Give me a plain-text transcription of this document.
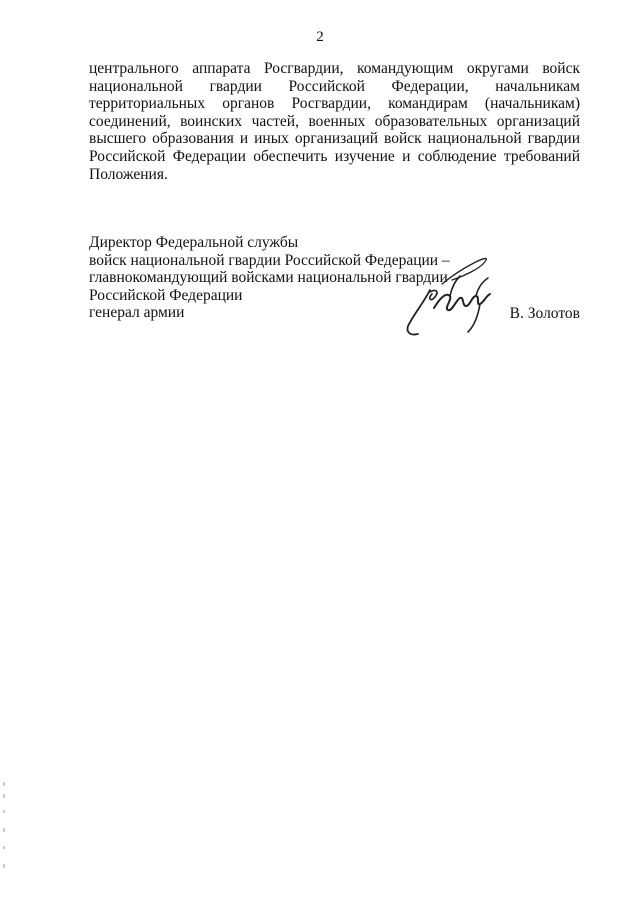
2
центрального аппарата Росгвардии, командующим округами войск
национальной гвардии Российской Федерации, начальникам
территориальных органов Росгвардии, командирам (начальникам)
соединений, воинских частей, военных образовательных организаций
высшего образования и иных организаций войск национальной гвардии
Российской Федерации обеспечить изучение и соблюдение требований
Положения.
Директор Федеральной службы
войск национальной гвардии Российской Федерации –
главнокомандующий войсками национальной гвардии
Российской Федерации
генерал армии	В. Золотов
